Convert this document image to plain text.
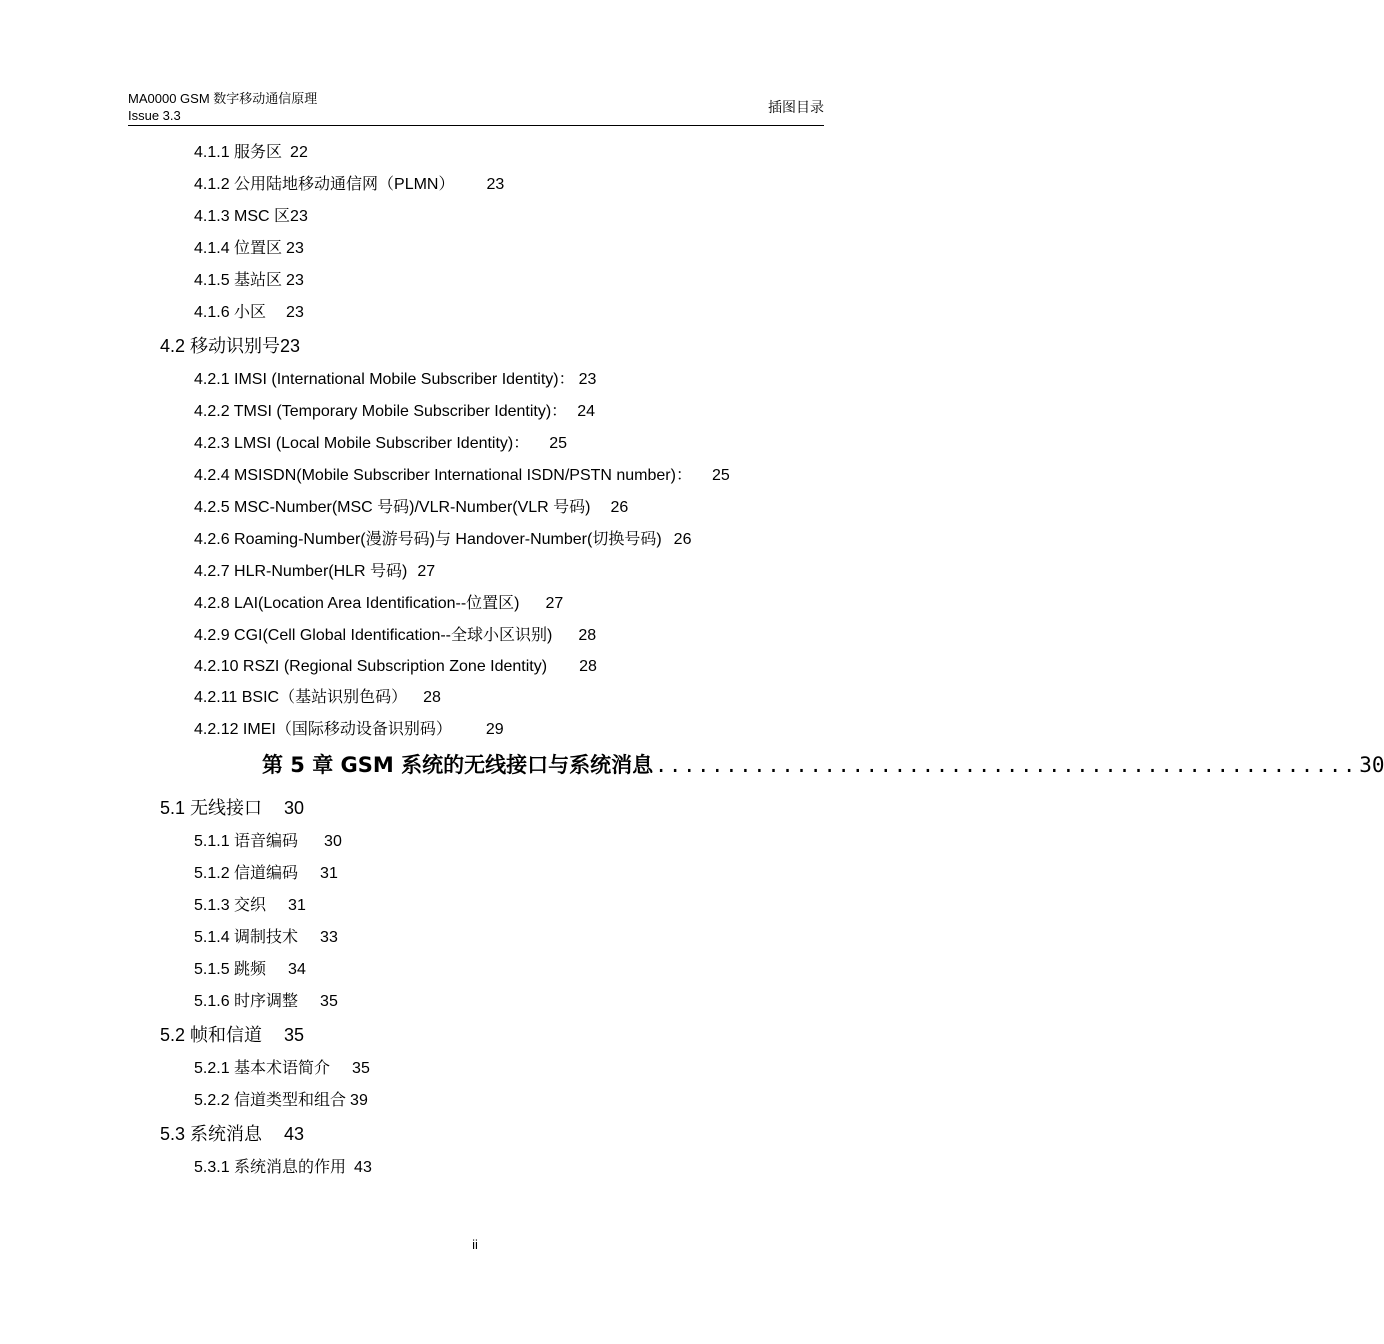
MA0000 GSM 数字移动通信原理
Issue 3.3	插图目录
4.1.1 服务区 22
4.1.2 公用陆地移动通信网（PLMN） 23
4.1.3 MSC 区23
4.1.4 位置区 23
4.1.5 基站区 23
4.1.6 小区 23
4.2 移动识别号23
4.2.1 IMSI (International Mobile Subscriber Identity)： 23
4.2.2 TMSI (Temporary Mobile Subscriber Identity)： 24
4.2.3 LMSI (Local Mobile Subscriber Identity)： 25
4.2.4 MSISDN(Mobile Subscriber International ISDN/PSTN number)： 25
4.2.5 MSC-Number(MSC 号码)/VLR-Number(VLR 号码) 26
4.2.6 Roaming-Number(漫游号码)与 Handover-Number(切换号码) 26
4.2.7 HLR-Number(HLR 号码) 27
4.2.8 LAI(Location Area Identification--位置区) 27
4.2.9 CGI(Cell Global Identification--全球小区识别) 28
4.2.10 RSZI (Regional Subscription Zone Identity) 28
4.2.11 BSIC（基站识别色码） 28
4.2.12 IMEI（国际移动设备识别码） 29
第 5 章 GSM 系统的无线接口与系统消息 .................................................. 30
5.1 无线接口 30
5.1.1 语音编码 30
5.1.2 信道编码 31
5.1.3 交织 31
5.1.4 调制技术 33
5.1.5 跳频 34
5.1.6 时序调整 35
5.2 帧和信道 35
5.2.1 基本术语简介 35
5.2.2 信道类型和组合 39
5.3 系统消息 43
5.3.1 系统消息的作用 43
ii
